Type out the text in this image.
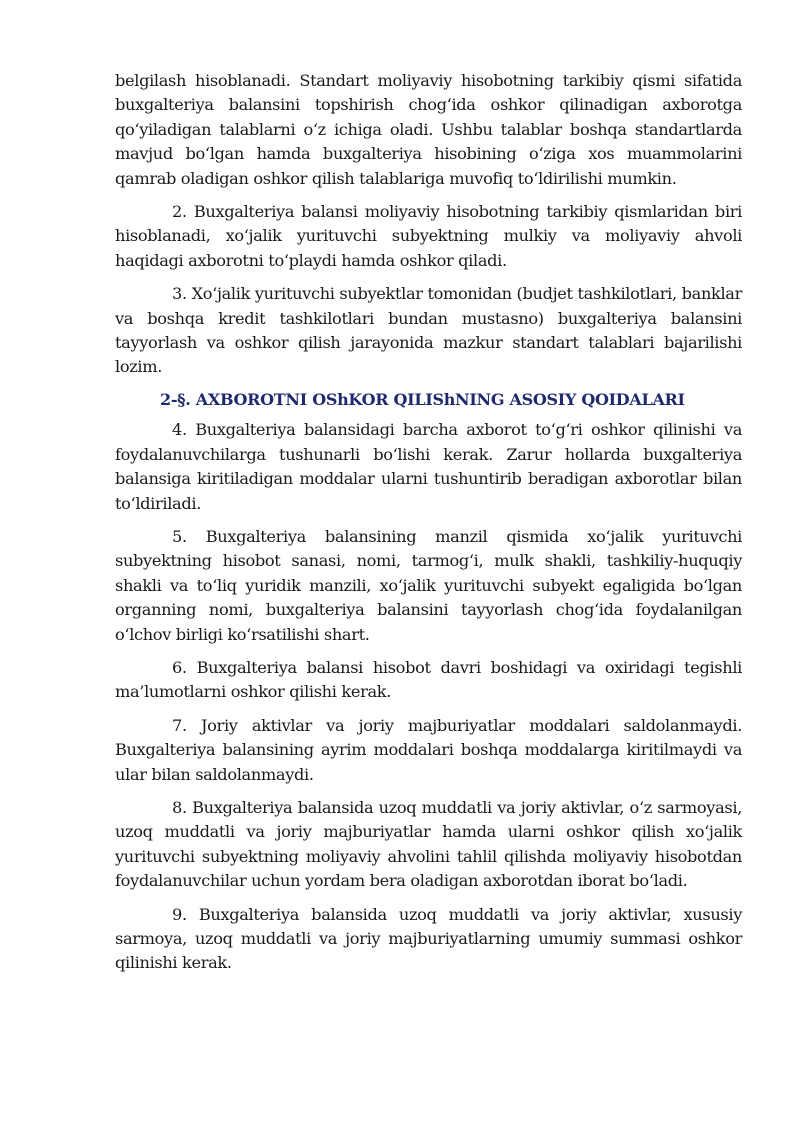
belgilash hisoblanadi. Standart moliyaviy hisobotning tarkibiy qismi sifatida buxgalteriya balansini topshirish chog‘ida oshkor qilinadigan axborotga qo‘yiladigan talablarni o‘z ichiga oladi. Ushbu talablar boshqa standartlarda mavjud bo‘lgan hamda buxgalteriya hisobining o‘ziga xos muammolarini qamrab oladigan oshkor qilish talablariga muvofiq to‘ldirilishi mumkin.

2. Buxgalteriya balansi moliyaviy hisobotning tarkibiy qismlaridan biri hisoblanadi, xo‘jalik yurituvchi subyektning mulkiy va moliyaviy ahvoli haqidagi axborotni to‘playdi hamda oshkor qiladi.

3. Xo‘jalik yurituvchi subyektlar tomonidan (budjet tashkilotlari, banklar va boshqa kredit tashkilotlari bundan mustasno) buxgalteriya balansini tayyorlash va oshkor qilish jarayonida mazkur standart talablari bajarilishi lozim.

2-§. AXBOROTNI OShKOR QILIShNING ASOSIY QOIDALARI

4. Buxgalteriya balansidagi barcha axborot to‘g‘ri oshkor qilinishi va foydalanuvchilarga tushunarli bo‘lishi kerak. Zarur hollarda buxgalteriya balansiga kiritiladigan moddalar ularni tushuntirib beradigan axborotlar bilan to‘ldiriladi.

5. Buxgalteriya balansining manzil qismida xo‘jalik yurituvchi subyektning hisobot sanasi, nomi, tarmog‘i, mulk shakli, tashkiliy-huquqiy shakli va to‘liq yuridik manzili, xo‘jalik yurituvchi subyekt egaligida bo‘lgan organning nomi, buxgalteriya balansini tayyorlash chog‘ida foydalanilgan o‘lchov birligi ko‘rsatilishi shart.

6. Buxgalteriya balansi hisobot davri boshidagi va oxiridagi tegishli ma’lumotlarni oshkor qilishi kerak.

7. Joriy aktivlar va joriy majburiyatlar moddalari saldolanmaydi. Buxgalteriya balansining ayrim moddalari boshqa moddalarga kiritilmaydi va ular bilan saldolanmaydi.

8. Buxgalteriya balansida uzoq muddatli va joriy aktivlar, o‘z sarmoyasi, uzoq muddatli va joriy majburiyatlar hamda ularni oshkor qilish xo‘jalik yurituvchi subyektning moliyaviy ahvolini tahlil qilishda moliyaviy hisobotdan foydalanuvchilar uchun yordam bera oladigan axborotdan iborat bo‘ladi.

9. Buxgalteriya balansida uzoq muddatli va joriy aktivlar, xususiy sarmoya, uzoq muddatli va joriy majburiyatlarning umumiy summasi oshkor qilinishi kerak.
